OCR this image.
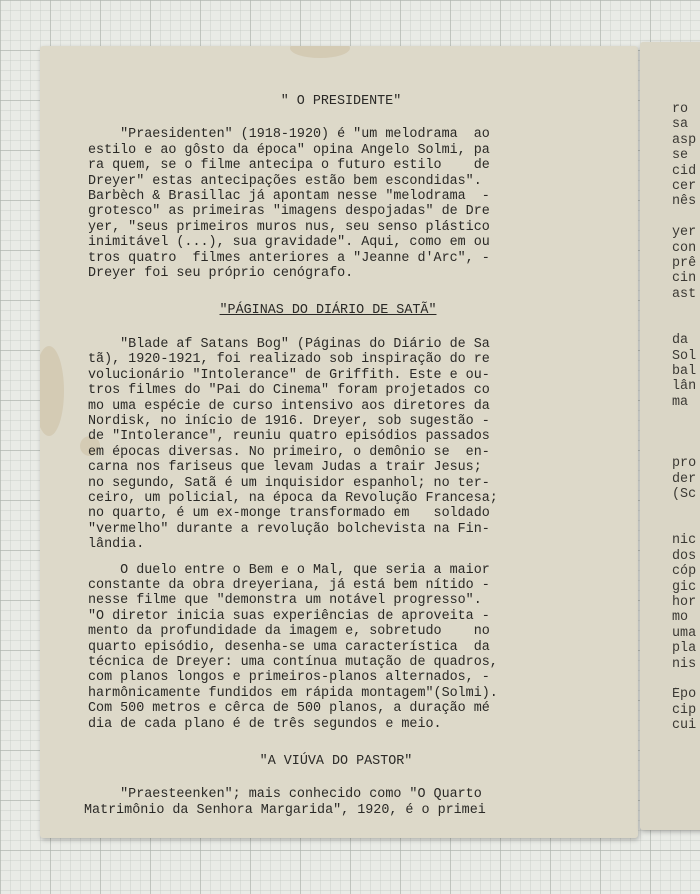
" O PRESIDENTE"

"Praesidenten" (1918-1920) é "um melodrama  ao

estilo e ao gôsto da época" opina Angelo Solmi, pa

ra quem, se o filme antecipa o futuro estilo    de

Dreyer" estas antecipações estão bem escondidas".

Barbèch & Brasillac já apontam nesse "melodrama  -

grotesco" as primeiras "imagens despojadas" de Dre

yer, "seus primeiros muros nus, seu senso plástico

inimitável (...), sua gravidade". Aqui, como em ou

tros quatro  filmes anteriores a "Jeanne d'Arc", -

Dreyer foi seu próprio cenógrafo.

"PÁGINAS DO DIÁRIO DE SATÃ"

"Blade af Satans Bog" (Páginas do Diário de Sa

tã), 1920-1921, foi realizado sob inspiração do re

volucionário "Intolerance" de Griffith. Este e ou-

tros filmes do "Pai do Cinema" foram projetados co

mo uma espécie de curso intensivo aos diretores da

Nordisk, no início de 1916. Dreyer, sob sugestão -

de "Intolerance", reuniu quatro episódios passados

em épocas diversas. No primeiro, o demônio se  en-

carna nos fariseus que levam Judas a trair Jesus;

no segundo, Satã é um inquisidor espanhol; no ter-

ceiro, um policial, na época da Revolução Francesa;

no quarto, é um ex-monge transformado em   soldado

"vermelho" durante a revolução bolchevista na Fin-

lândia.

O duelo entre o Bem e o Mal, que seria a maior

constante da obra dreyeriana, já está bem nítido -

nesse filme que "demonstra um notável progresso".

"O diretor inicia suas experiências de aproveita -

mento da profundidade da imagem e, sobretudo    no

quarto episódio, desenha-se uma característica  da

técnica de Dreyer: uma contínua mutação de quadros,

com planos longos e primeiros-planos alternados, -

harmônicamente fundidos em rápida montagem"(Solmi).

Com 500 metros e cêrca de 500 planos, a duração mé

dia de cada plano é de três segundos e meio.

"A VIÚVA DO PASTOR"

"Praesteenken"; mais conhecido como "O Quarto

Matrimônio da Senhora Margarida", 1920, é o primei

ro

sa

asp

se

cid

cer

nês

yer

con

prê

cin

ast

da

Sol

bal

lân

ma

pro

der

(Sc

nic

dos

cóp

gic

hor

mo

uma

pla

nis

Épo

cip

cui
